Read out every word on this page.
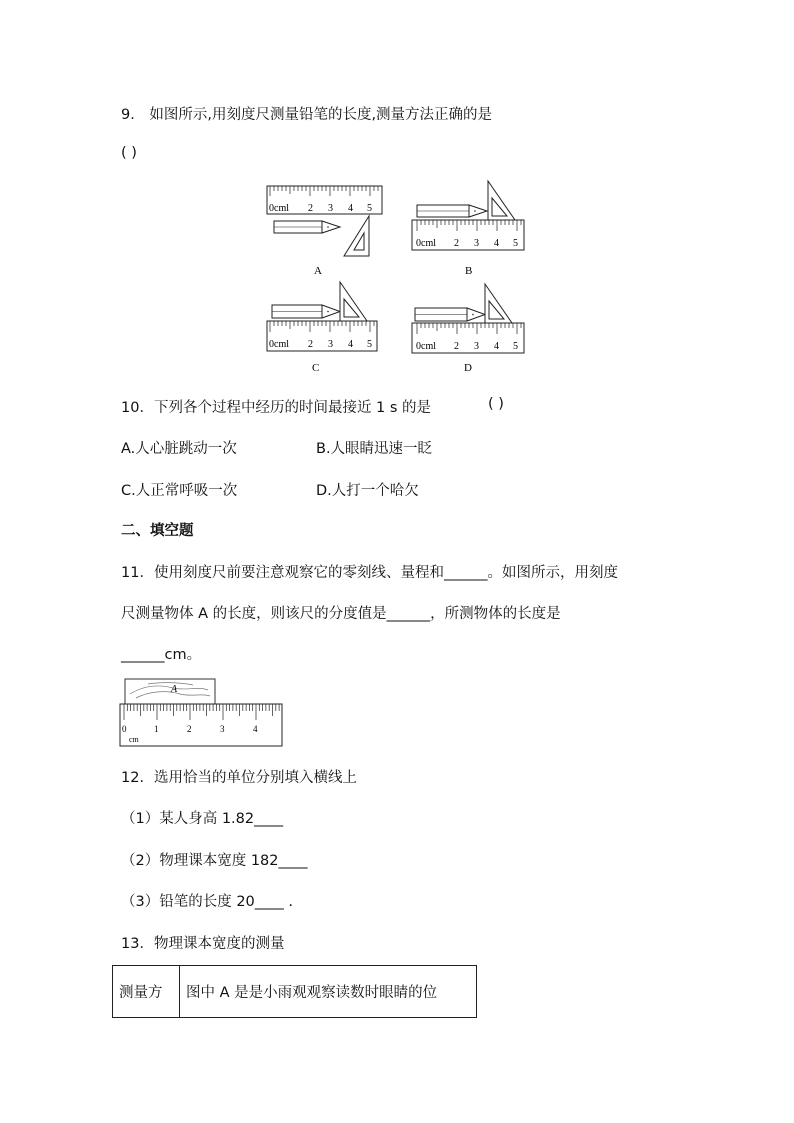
9． 如图所示,用刻度尺测量铅笔的长度,测量方法正确的是
( )
0cml 2 3 4 5
A
0cml 2 3 4 5
B
0cml 2 3 4 5
C
0cml 2 3 4 5
D
10．下列各个过程中经历的时间最接近 1 s 的是	( )
A.人心脏跳动一次	B.人眼睛迅速一眨
C.人正常呼吸一次	D.人打一个哈欠
二、填空题
11．使用刻度尺前要注意观察它的零刻线、量程和______。如图所示，用刻度
尺测量物体 A 的长度，则该尺的分度值是______，所测物体的长度是
______cm。
A
0	1	2	3	4
cm
12．选用恰当的单位分别填入横线上
（1）某人身高 1.82____
（2）物理课本宽度 182____
（3）铅笔的长度 20____ .
13．物理课本宽度的测量
测量方	图中 A 是是小雨观观察读数时眼睛的位
